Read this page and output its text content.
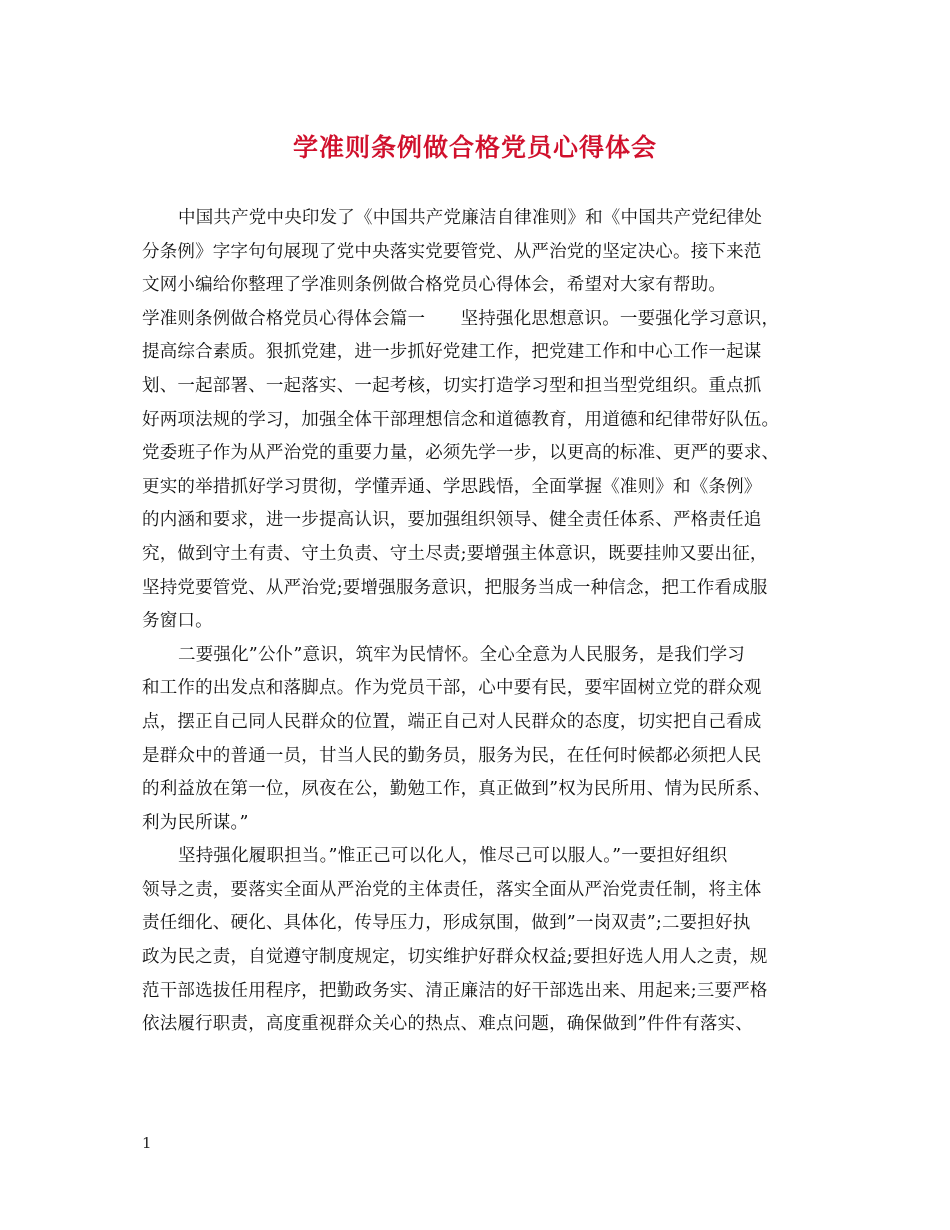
学准则条例做合格党员心得体会
中国共产党中央印发了《中国共产党廉洁自律准则》和《中国共产党纪律处
分条例》字字句句展现了党中央落实党要管党、从严治党的坚定决心。接下来范
文网小编给你整理了学准则条例做合格党员心得体会，希望对大家有帮助。
学准则条例做合格党员心得体会篇一　　坚持强化思想意识。一要强化学习意识，
提高综合素质。狠抓党建，进一步抓好党建工作，把党建工作和中心工作一起谋
划、一起部署、一起落实、一起考核，切实打造学习型和担当型党组织。重点抓
好两项法规的学习，加强全体干部理想信念和道德教育，用道德和纪律带好队伍。
党委班子作为从严治党的重要力量，必须先学一步，以更高的标准、更严的要求、
更实的举措抓好学习贯彻，学懂弄通、学思践悟，全面掌握《准则》和《条例》
的内涵和要求，进一步提高认识，要加强组织领导、健全责任体系、严格责任追
究，做到守土有责、守土负责、守土尽责;要增强主体意识，既要挂帅又要出征，
坚持党要管党、从严治党;要增强服务意识，把服务当成一种信念，把工作看成服
务窗口。
二要强化”公仆”意识，筑牢为民情怀。全心全意为人民服务，是我们学习
和工作的出发点和落脚点。作为党员干部，心中要有民，要牢固树立党的群众观
点，摆正自己同人民群众的位置，端正自己对人民群众的态度，切实把自己看成
是群众中的普通一员，甘当人民的勤务员，服务为民，在任何时候都必须把人民
的利益放在第一位，夙夜在公，勤勉工作，真正做到”权为民所用、情为民所系、
利为民所谋。”
坚持强化履职担当。”惟正己可以化人，惟尽己可以服人。”一要担好组织
领导之责，要落实全面从严治党的主体责任，落实全面从严治党责任制，将主体
责任细化、硬化、具体化，传导压力，形成氛围，做到”一岗双责”;二要担好执
政为民之责，自觉遵守制度规定，切实维护好群众权益;要担好选人用人之责，规
范干部选拔任用程序，把勤政务实、清正廉洁的好干部选出来、用起来;三要严格
依法履行职责，高度重视群众关心的热点、难点问题，确保做到”件件有落实、
1
